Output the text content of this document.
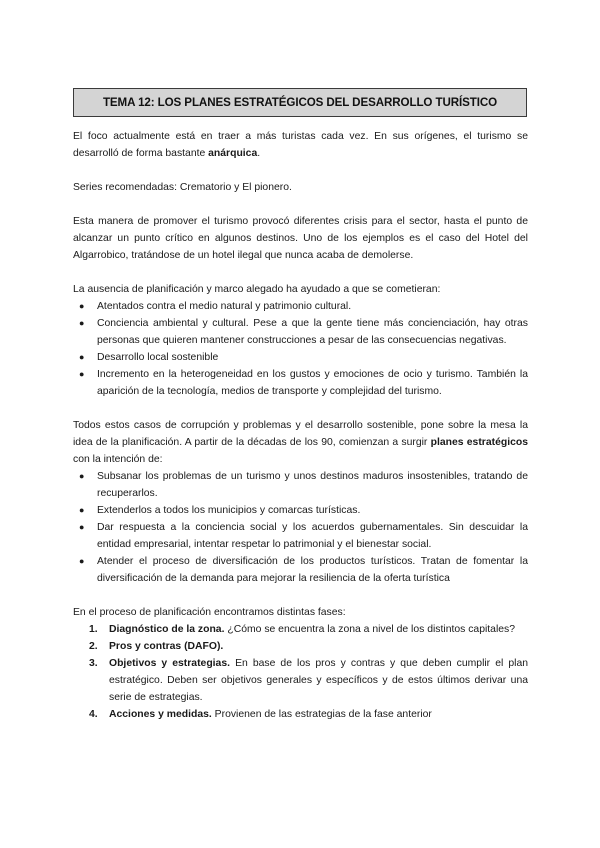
TEMA 12: LOS PLANES ESTRATÉGICOS DEL DESARROLLO TURÍSTICO

El foco actualmente está en traer a más turistas cada vez. En sus orígenes, el turismo se desarrolló de forma bastante anárquica.

Series recomendadas: Crematorio y El pionero.

Esta manera de promover el turismo provocó diferentes crisis para el sector, hasta el punto de alcanzar un punto crítico en algunos destinos. Uno de los ejemplos es el caso del Hotel del Algarrobico, tratándose de un hotel ilegal que nunca acaba de demolerse.

La ausencia de planificación y marco alegado ha ayudado a que se cometieran:

● Atentados contra el medio natural y patrimonio cultural.
● Conciencia ambiental y cultural. Pese a que la gente tiene más concienciación, hay otras personas que quieren mantener construcciones a pesar de las consecuencias negativas.
● Desarrollo local sostenible
● Incremento en la heterogeneidad en los gustos y emociones de ocio y turismo. También la aparición de la tecnología, medios de transporte y complejidad del turismo.

Todos estos casos de corrupción y problemas y el desarrollo sostenible, pone sobre la mesa la idea de la planificación. A partir de la décadas de los 90, comienzan a surgir planes estratégicos con la intención de:

● Subsanar los problemas de un turismo y unos destinos maduros insostenibles, tratando de recuperarlos.
● Extenderlos a todos los municipios y comarcas turísticas.
● Dar respuesta a la conciencia social y los acuerdos gubernamentales. Sin descuidar la entidad empresarial, intentar respetar lo patrimonial y el bienestar social.
● Atender el proceso de diversificación de los productos turísticos. Tratan de fomentar la diversificación de la demanda para mejorar la resiliencia de la oferta turística

En el proceso de planificación encontramos distintas fases:

1. Diagnóstico de la zona. ¿Cómo se encuentra la zona a nivel de los distintos capitales?
2. Pros y contras (DAFO).
3. Objetivos y estrategias. En base de los pros y contras y que deben cumplir el plan estratégico. Deben ser objetivos generales y específicos y de estos últimos derivar una serie de estrategias.
4. Acciones y medidas. Provienen de las estrategias de la fase anterior
